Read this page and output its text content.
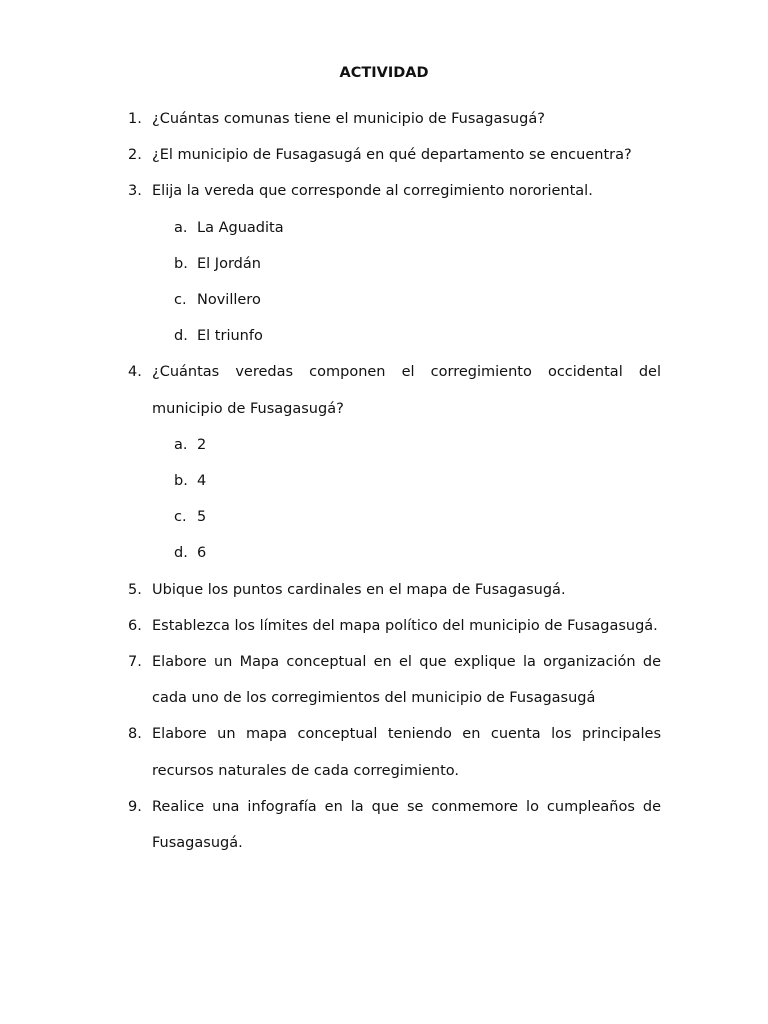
ACTIVIDAD
1. ¿Cuántas comunas tiene el municipio de Fusagasugá?
2. ¿El municipio de Fusagasugá en qué departamento se encuentra?
3. Elija la vereda que corresponde al corregimiento nororiental.
a. La Aguadita
b. El Jordán
c. Novillero
d. El triunfo
4. ¿Cuántas veredas componen el corregimiento occidental del municipio de Fusagasugá?
a. 2
b. 4
c. 5
d. 6
5. Ubique los puntos cardinales en el mapa de Fusagasugá.
6. Establezca los límites del mapa político del municipio de Fusagasugá.
7. Elabore un Mapa conceptual en el que explique la organización de cada uno de los corregimientos del municipio de Fusagasugá
8. Elabore un mapa conceptual teniendo en cuenta los principales recursos naturales de cada corregimiento.
9. Realice una infografía en la que se conmemore lo cumpleaños de Fusagasugá.
